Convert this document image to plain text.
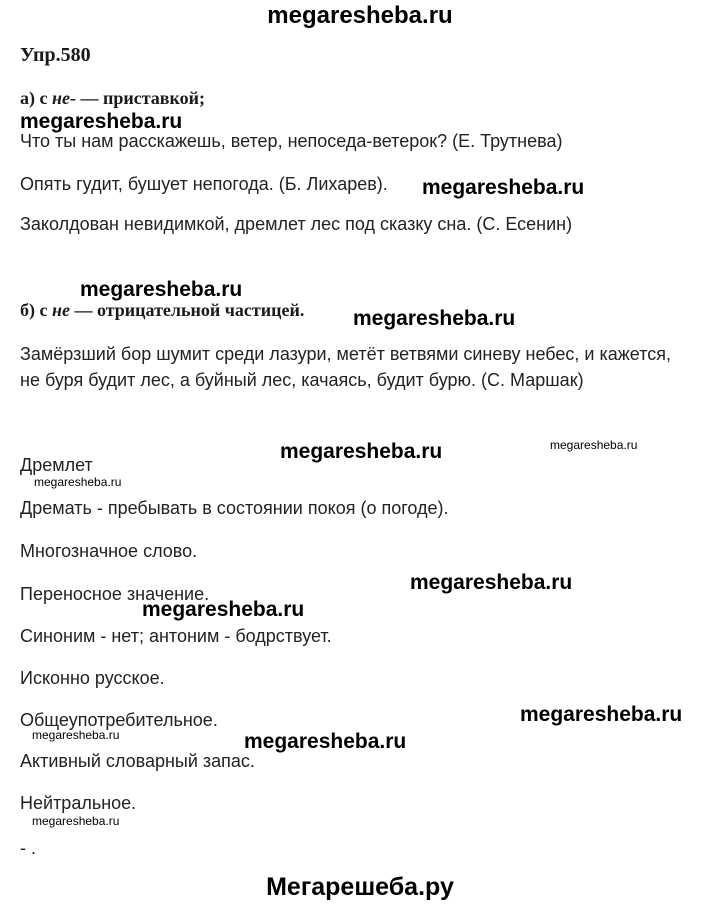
megaresheba.ru
Упр.580
а) с не- — приставкой;
megaresheba.ru
Что ты нам расскажешь, ветер, непоседа-ветерок? (Е. Трутнева)
Опять гудит, бушует непогода. (Б. Лихарев). megaresheba.ru
Заколдован невидимкой, дремлет лес под сказку сна. (С. Есенин)
megaresheba.ru
б) с не — отрицательной частицей. megaresheba.ru
Замёрзший бор шумит среди лазури, метёт ветвями синеву небес, и кажется,
не буря будит лес, а буйный лес, качаясь, будит бурю. (С. Маршак)
megaresheba.ru	megaresheba.ru
Дремлет
megaresheba.ru
Дремать - пребывать в состоянии покоя (о погоде).
Многозначное слово.
megaresheba.ru
Переносное значение.
megaresheba.ru
Синоним - нет; антоним - бодрствует.
Исконно русское.
megaresheba.ru
Общеупотребительное.
megaresheba.ru	megaresheba.ru
Активный словарный запас.
Нейтральное.
megaresheba.ru
- .
Мегарешеба.ру
